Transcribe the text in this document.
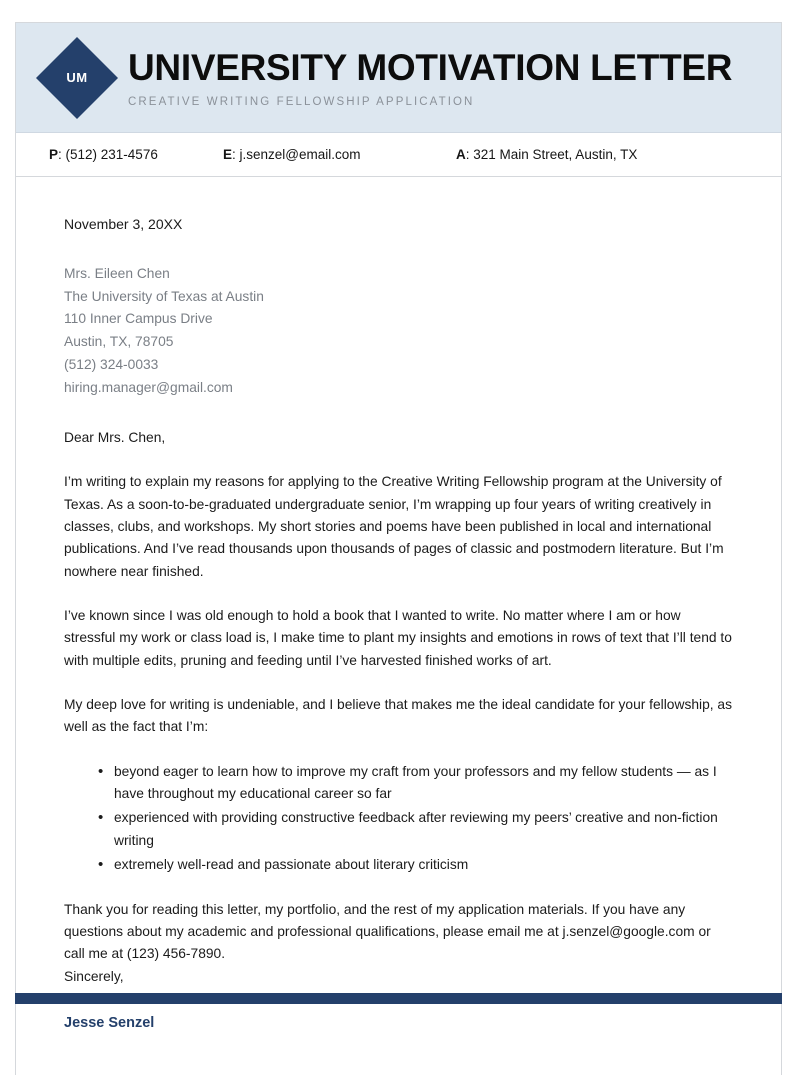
UM UNIVERSITY MOTIVATION LETTER
CREATIVE WRITING FELLOWSHIP APPLICATION
P: (512) 231-4576	E: j.senzel@email.com	A: 321 Main Street, Austin, TX
November 3, 20XX
Mrs. Eileen Chen
The University of Texas at Austin
110 Inner Campus Drive
Austin, TX, 78705
(512) 324-0033
hiring.manager@gmail.com
Dear Mrs. Chen,

I’m writing to explain my reasons for applying to the Creative Writing Fellowship program at the University of Texas. As a soon-to-be-graduated undergraduate senior, I’m wrapping up four years of writing creatively in classes, clubs, and workshops. My short stories and poems have been published in local and international publications. And I’ve read thousands upon thousands of pages of classic and postmodern literature. But I’m nowhere near finished.

I’ve known since I was old enough to hold a book that I wanted to write. No matter where I am or how stressful my work or class load is, I make time to plant my insights and emotions in rows of text that I’ll tend to with multiple edits, pruning and feeding until I’ve harvested finished works of art.

My deep love for writing is undeniable, and I believe that makes me the ideal candidate for your fellowship, as well as the fact that I’m:

• beyond eager to learn how to improve my craft from your professors and my fellow students — as I have throughout my educational career so far
• experienced with providing constructive feedback after reviewing my peers’ creative and non-fiction writing
• extremely well-read and passionate about literary criticism

Thank you for reading this letter, my portfolio, and the rest of my application materials. If you have any questions about my academic and professional qualifications, please email me at j.senzel@google.com or call me at (123) 456-7890.

Sincerely,
Jesse Senzel
